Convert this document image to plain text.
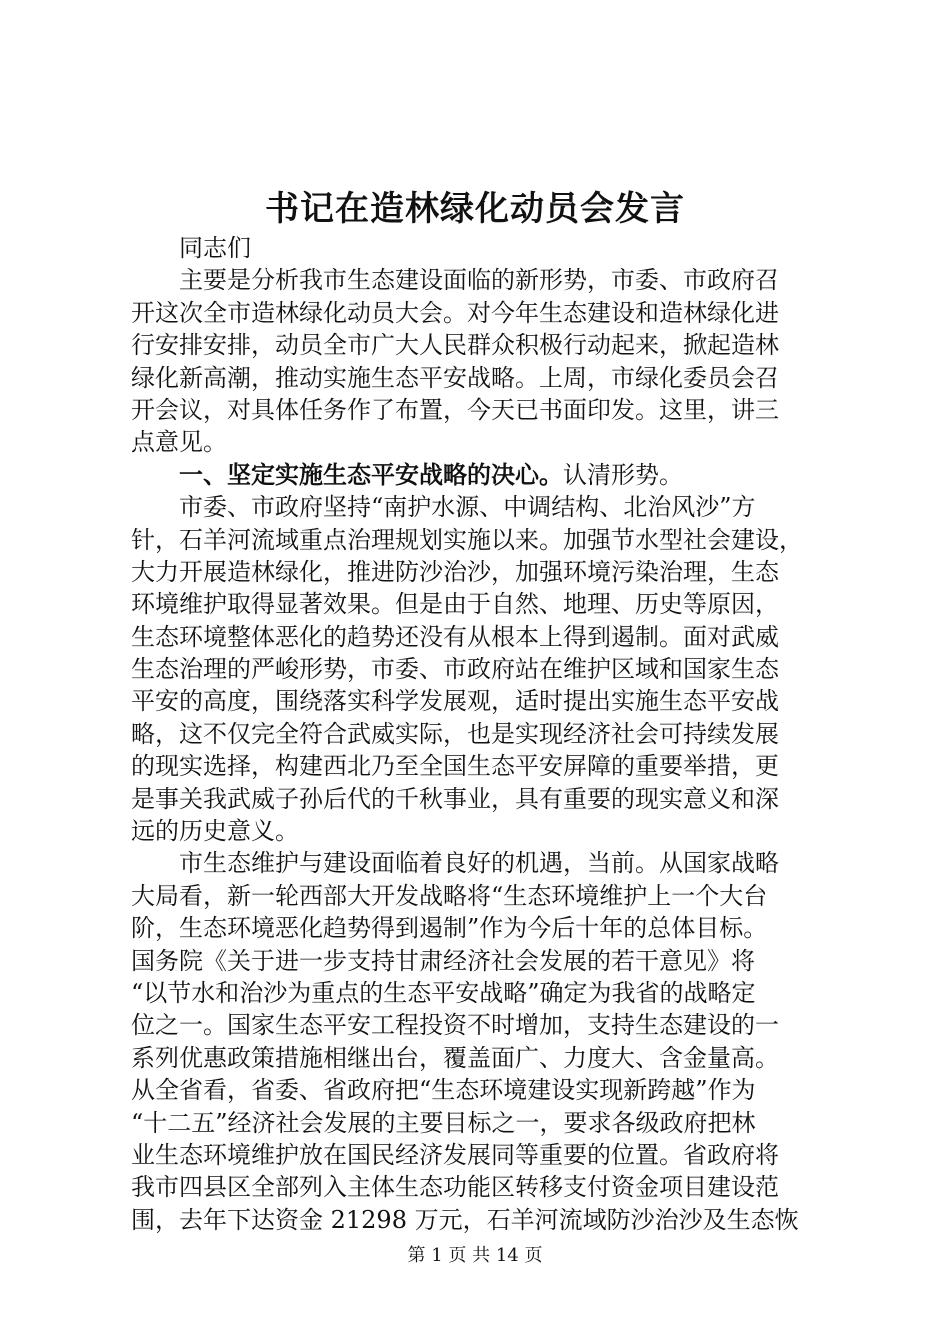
书记在造林绿化动员会发言
同志们
主要是分析我市生态建设面临的新形势，市委、市政府召
开这次全市造林绿化动员大会。对今年生态建设和造林绿化进
行安排安排，动员全市广大人民群众积极行动起来，掀起造林
绿化新高潮，推动实施生态平安战略。上周，市绿化委员会召
开会议，对具体任务作了布置，今天已书面印发。这里，讲三
点意见。
一、坚定实施生态平安战略的决心。认清形势。
市委、市政府坚持“南护水源、中调结构、北治风沙”方
针，石羊河流域重点治理规划实施以来。加强节水型社会建设，
大力开展造林绿化，推进防沙治沙，加强环境污染治理，生态
环境维护取得显著效果。但是由于自然、地理、历史等原因，
生态环境整体恶化的趋势还没有从根本上得到遏制。面对武威
生态治理的严峻形势，市委、市政府站在维护区域和国家生态
平安的高度，围绕落实科学发展观，适时提出实施生态平安战
略，这不仅完全符合武威实际，也是实现经济社会可持续发展
的现实选择，构建西北乃至全国生态平安屏障的重要举措，更
是事关我武威子孙后代的千秋事业，具有重要的现实意义和深
远的历史意义。
市生态维护与建设面临着良好的机遇，当前。从国家战略
大局看，新一轮西部大开发战略将“生态环境维护上一个大台
阶，生态环境恶化趋势得到遏制”作为今后十年的总体目标。
国务院《关于进一步支持甘肃经济社会发展的若干意见》将
“以节水和治沙为重点的生态平安战略”确定为我省的战略定
位之一。国家生态平安工程投资不时增加，支持生态建设的一
系列优惠政策措施相继出台，覆盖面广、力度大、含金量高。
从全省看，省委、省政府把“生态环境建设实现新跨越”作为
“十二五”经济社会发展的主要目标之一，要求各级政府把林
业生态环境维护放在国民经济发展同等重要的位置。省政府将
我市四县区全部列入主体生态功能区转移支付资金项目建设范
围，去年下达资金 21298 万元，石羊河流域防沙治沙及生态恢
第 1 页 共 14 页
